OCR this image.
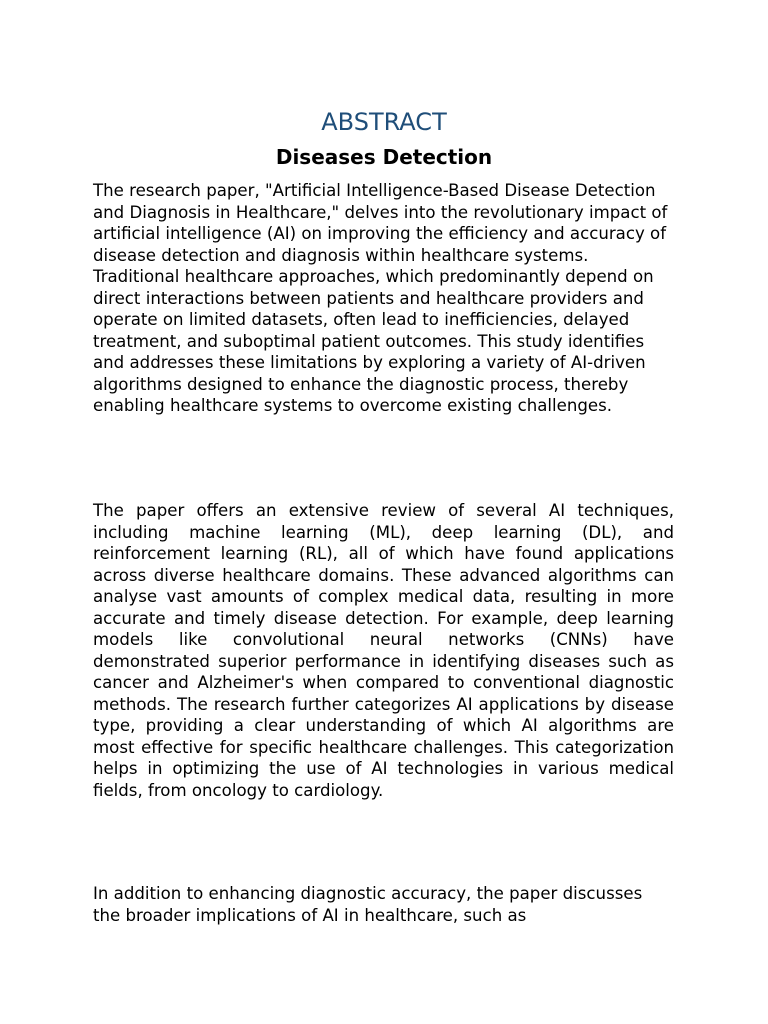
ABSTRACT
Diseases Detection

The research paper, "Artificial Intelligence-Based Disease Detection and Diagnosis in Healthcare," delves into the revolutionary impact of artificial intelligence (AI) on improving the efficiency and accuracy of disease detection and diagnosis within healthcare systems. Traditional healthcare approaches, which predominantly depend on direct interactions between patients and healthcare providers and operate on limited datasets, often lead to inefficiencies, delayed treatment, and suboptimal patient outcomes. This study identifies and addresses these limitations by exploring a variety of AI-driven algorithms designed to enhance the diagnostic process, thereby enabling healthcare systems to overcome existing challenges.

The paper offers an extensive review of several AI techniques, including machine learning (ML), deep learning (DL), and reinforcement learning (RL), all of which have found applications across diverse healthcare domains. These advanced algorithms can analyse vast amounts of complex medical data, resulting in more accurate and timely disease detection. For example, deep learning models like convolutional neural networks (CNNs) have demonstrated superior performance in identifying diseases such as cancer and Alzheimer's when compared to conventional diagnostic methods. The research further categorizes AI applications by disease type, providing a clear understanding of which AI algorithms are most effective for specific healthcare challenges. This categorization helps in optimizing the use of AI technologies in various medical fields, from oncology to cardiology.

In addition to enhancing diagnostic accuracy, the paper discusses the broader implications of AI in healthcare, such as
